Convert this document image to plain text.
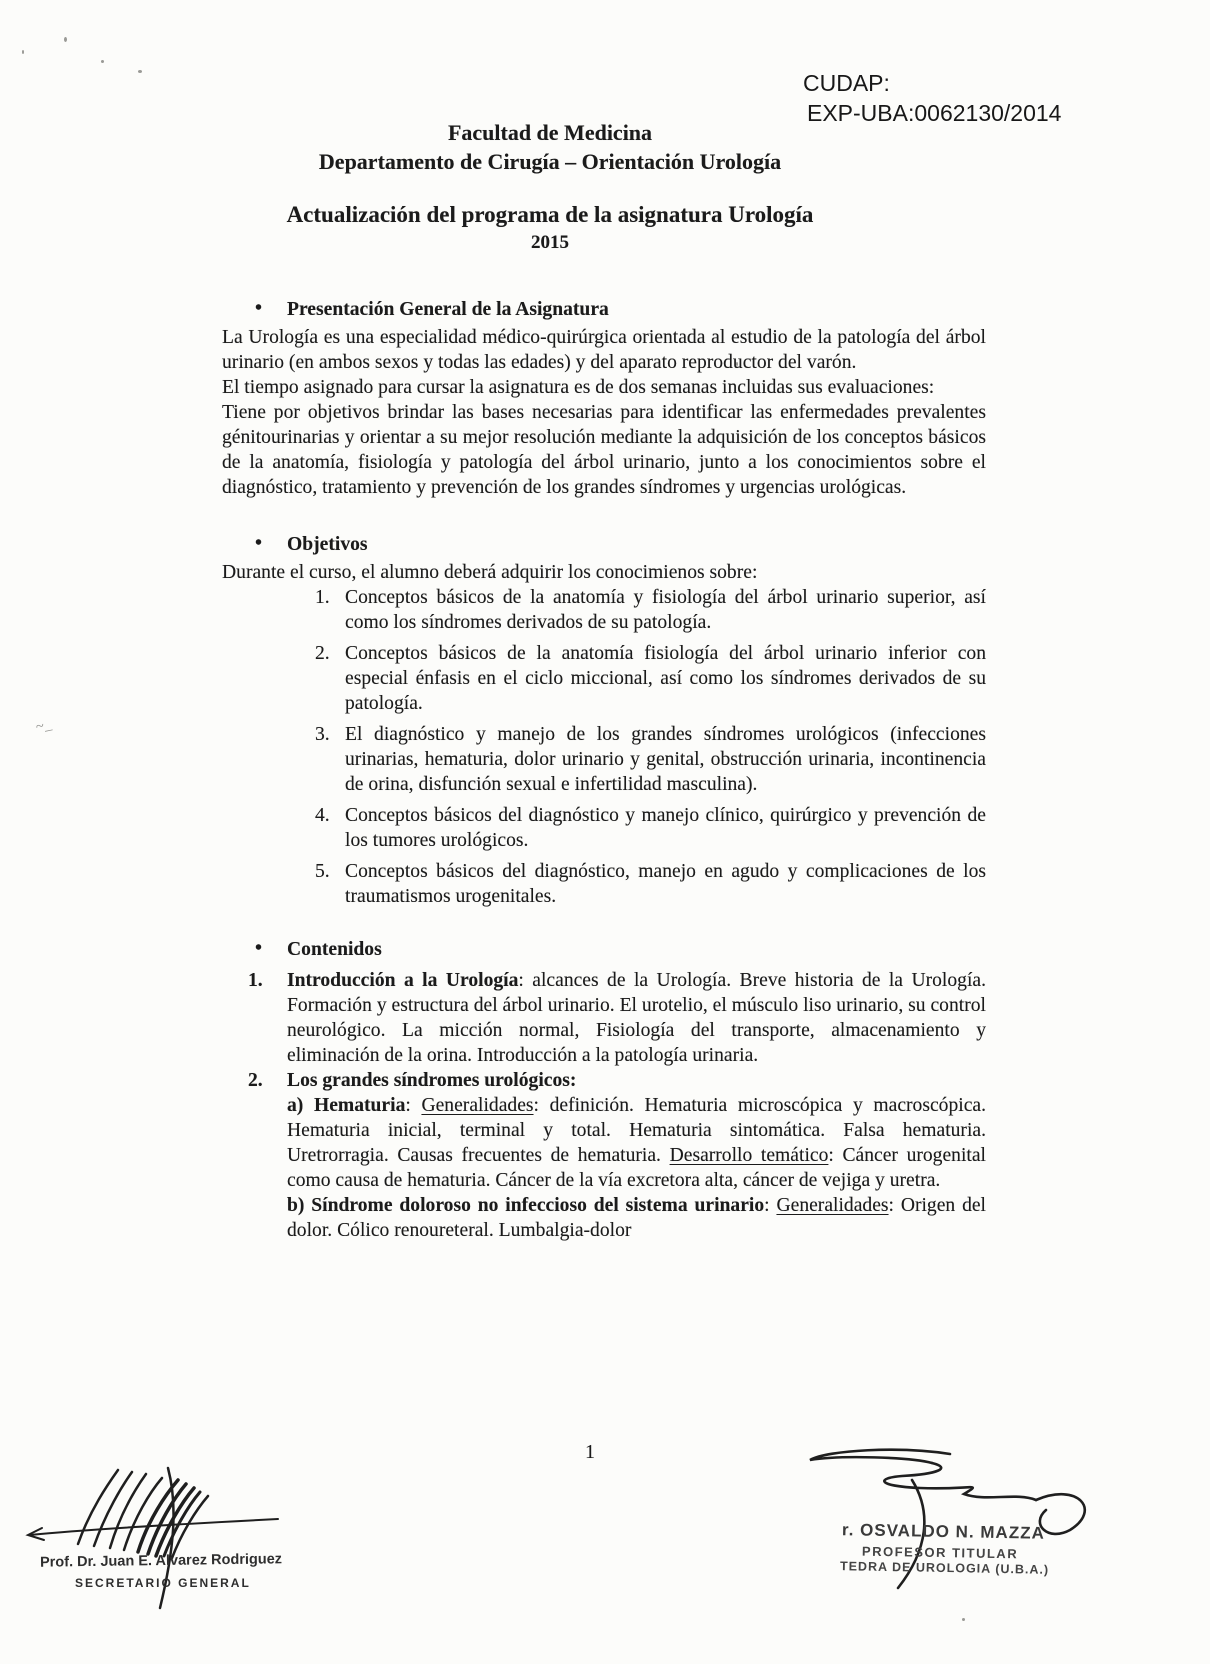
~_
CUDAP:
EXP-UBA:0062130/2014
Facultad de Medicina
Departamento de Cirugía – Orientación Urología
Actualización del programa de la asignatura Urología
2015
• Presentación General de la Asignatura

La Urología es una especialidad médico-quirúrgica orientada al estudio de la patología del árbol urinario (en ambos sexos y todas las edades) y del aparato reproductor del varón.

El tiempo asignado para cursar la asignatura es de dos semanas incluidas sus evaluaciones:

Tiene por objetivos brindar las bases necesarias para identificar las enfermedades prevalentes génitourinarias y orientar a su mejor resolución mediante la adquisición de los conceptos básicos de la anatomía, fisiología y patología del árbol urinario, junto a los conocimientos sobre el diagnóstico, tratamiento y prevención de los grandes síndromes y urgencias urológicas.

• Objetivos

Durante el curso, el alumno deberá adquirir los conocimienos sobre:

1. Conceptos básicos de la anatomía y fisiología del árbol urinario superior, así como los síndromes derivados de su patología.
2. Conceptos básicos de la anatomía fisiología del árbol urinario inferior con especial énfasis en el ciclo miccional, así como los síndromes derivados de su patología.
3. El diagnóstico y manejo de los grandes síndromes urológicos (infecciones urinarias, hematuria, dolor urinario y genital, obstrucción urinaria, incontinencia de orina, disfunción sexual e infertilidad masculina).
4. Conceptos básicos del diagnóstico y manejo clínico, quirúrgico y prevención de los tumores urológicos.
5. Conceptos básicos del diagnóstico, manejo en agudo y complicaciones de los traumatismos urogenitales.
• Contenidos
1. Introducción a la Urología: alcances de la Urología. Breve historia de la Urología. Formación y estructura del árbol urinario. El urotelio, el músculo liso urinario, su control neurológico. La micción normal, Fisiología del transporte, almacenamiento y eliminación de la orina. Introducción a la patología urinaria.
2. Los grandes síndromes urológicos:
a) Hematuria: Generalidades: definición. Hematuria microscópica y macroscópica. Hematuria inicial, terminal y total. Hematuria sintomática. Falsa hematuria. Uretrorragia. Causas frecuentes de hematuria. Desarrollo temático: Cáncer urogenital como causa de hematuria. Cáncer de la vía excretora alta, cáncer de vejiga y uretra.
b) Síndrome doloroso no infeccioso del sistema urinario: Generalidades: Origen del dolor. Cólico renoureteral. Lumbalgia-dolor
1
Prof. Dr. Juan E. Alvarez Rodriguez
SECRETARIO GENERAL
r. OSVALDO N. MAZZA
PROFESOR TITULAR
TEDRA DE UROLOGIA (U.B.A.)
